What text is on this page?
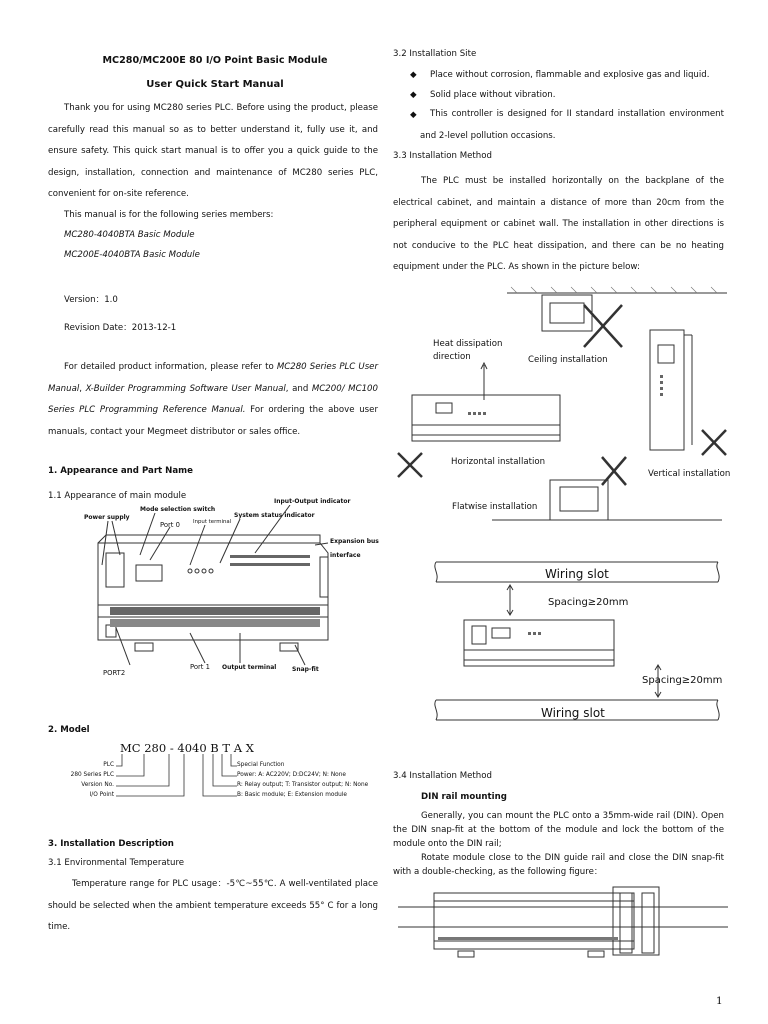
MC280/MC200E 80 I/O Point Basic Module
User Quick Start Manual
Thank you for using MC280 series PLC. Before using the product, please carefully read this manual so as to better understand it, fully use it, and ensure safety. This quick start manual is to offer you a quick guide to the design, installation, connection and maintenance of MC280 series PLC, convenient for on-site reference.
This manual is for the following series members:
MC280-4040BTA Basic Module
MC200E-4040BTA Basic Module
Version：1.0
Revision Date：2013-12-1
For detailed product information, please refer to MC280 Series PLC User Manual, X-Builder Programming Software User Manual, and MC200/ MC100 Series PLC Programming Reference Manual. For ordering the above user manuals, contact your Megmeet distributor or sales office.
1. Appearance and Part Name
1.1 Appearance of main module
Power supply
Mode selection switch
Port 0 Input terminal
System status indicator
Input-Output indicator
Expansion bus
interface
PORT2
Port 1 Output terminal	Snap-fit
2. Model
MC 280 - 4040 B T A X
PLC
280 Series PLC
Version No.
I/O Point
Special Function
Power: A: AC220V; D:DC24V; N: None
R: Relay output; T: Transistor output; N: None
B: Basic module; E: Extension module
3. Installation Description
3.1 Environmental Temperature
Temperature range for PLC usage：-5℃~55℃. A well-ventilated place should be selected when the ambient temperature exceeds 55° C for a long time.
3.2 Installation Site
◆ Place without corrosion, flammable and explosive gas and liquid.
◆ Solid place without vibration.
◆	This controller is designed for II standard installation environment and 2-level pollution occasions.
3.3 Installation Method
The PLC must be installed horizontally on the backplane of the electrical cabinet, and maintain a distance of more than 20cm from the peripheral equipment or cabinet wall. The installation in other directions is not conducive to the PLC heat dissipation, and there can be no heating equipment under the PLC. As shown in the picture below:
Heat dissipation
direction	Ceiling installation
Horizontal installation
Vertical installation
Flatwise installation
Wiring slot
Spacing≥20mm
Spacing≥20mm
Wiring slot
3.4 Installation Method
DIN rail mounting
Generally, you can mount the PLC onto a 35mm-wide rail (DIN). Open the DIN snap-fit at the bottom of the module and lock the bottom of the module onto the DIN rail;
Rotate module close to the DIN guide rail and close the DIN snap-fit with a double-checking, as the following figure：
1
